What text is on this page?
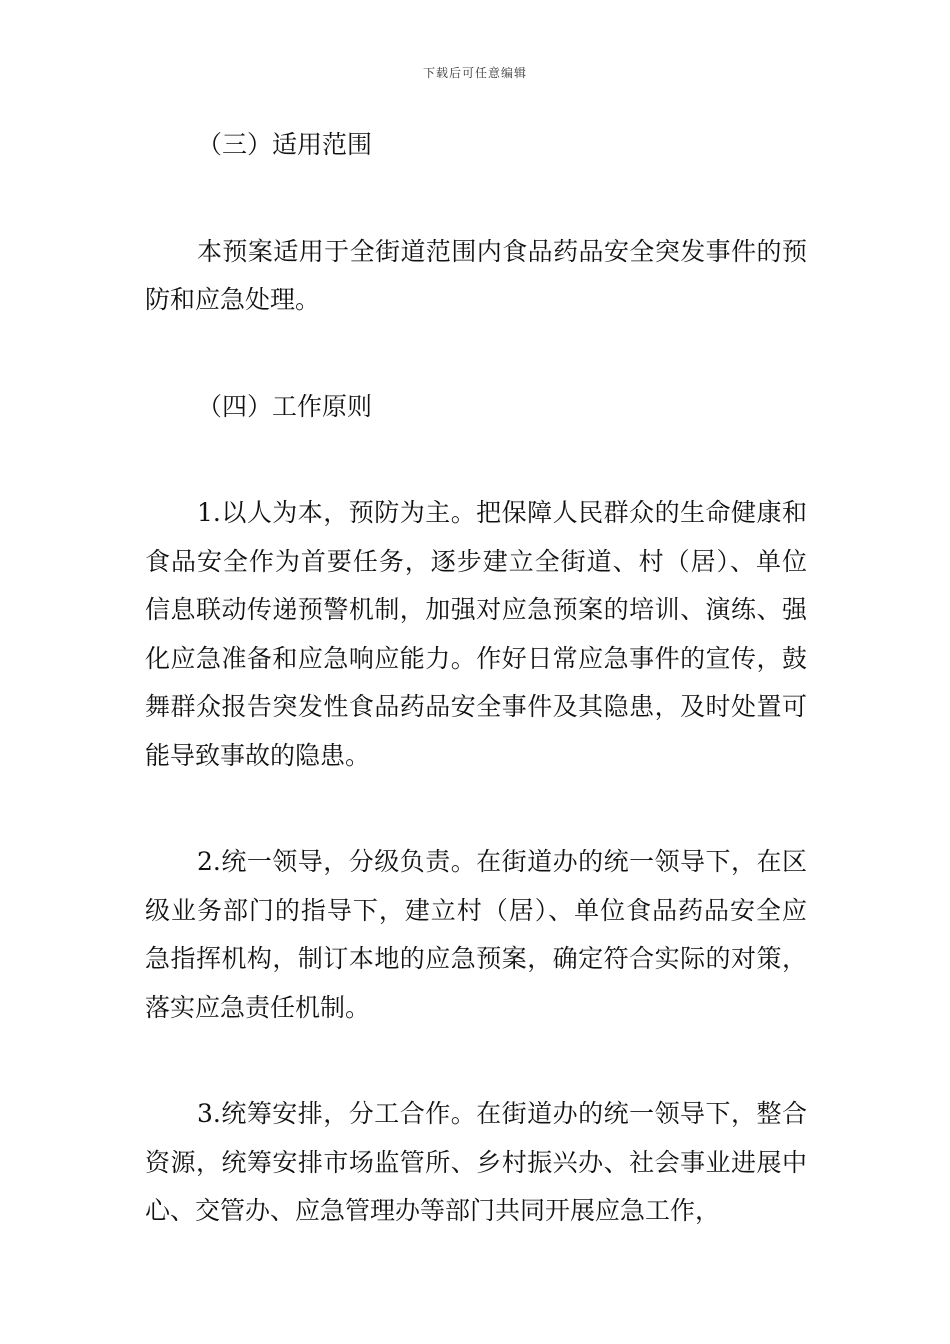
下载后可任意编辑

（三）适用范围

本预案适用于全街道范围内食品药品安全突发事件的预防和应急处理。

（四）工作原则

1.以人为本，预防为主。把保障人民群众的生命健康和食品安全作为首要任务，逐步建立全街道、村（居）、单位信息联动传递预警机制，加强对应急预案的培训、演练、强化应急准备和应急响应能力。作好日常应急事件的宣传，鼓舞群众报告突发性食品药品安全事件及其隐患，及时处置可能导致事故的隐患。

2.统一领导，分级负责。在街道办的统一领导下，在区级业务部门的指导下，建立村（居）、单位食品药品安全应急指挥机构，制订本地的应急预案，确定符合实际的对策，落实应急责任机制。

3.统筹安排，分工合作。在街道办的统一领导下，整合资源，统筹安排市场监管所、乡村振兴办、社会事业进展中心、交管办、应急管理办等部门共同开展应急工作，
